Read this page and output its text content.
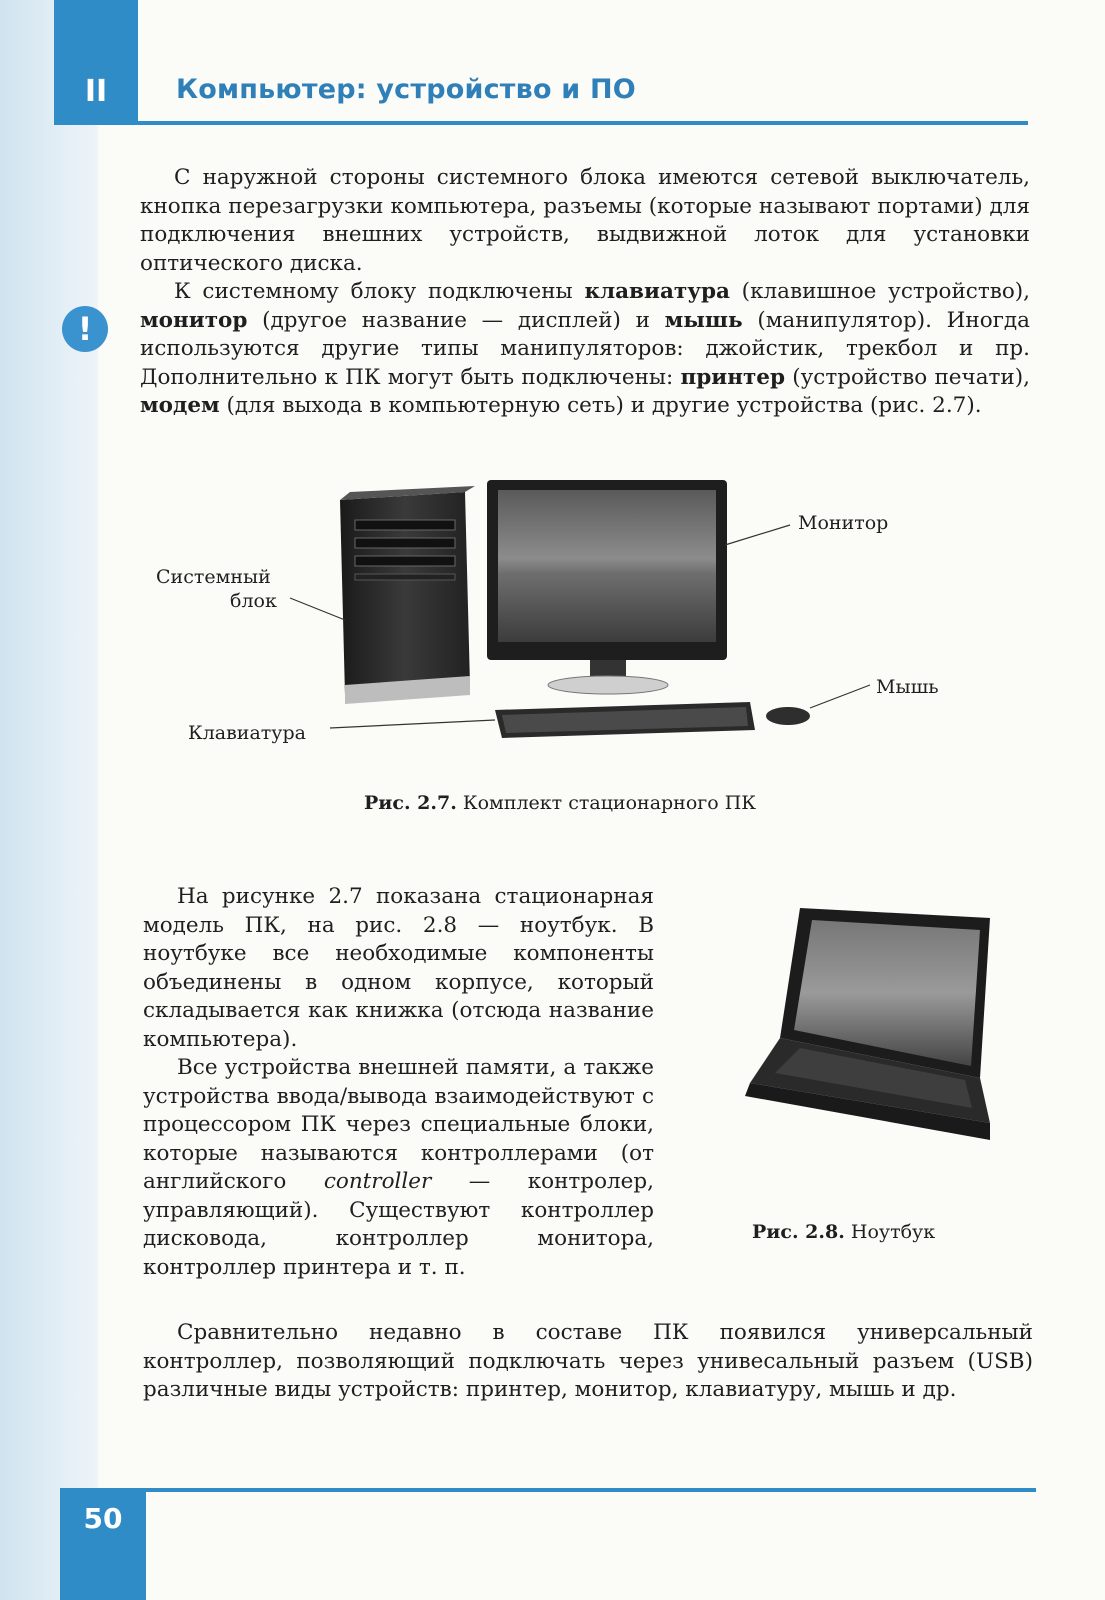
II	Компьютер: устройство и ПО
!

С наружной стороны системного блока имеются сетевой выключатель, кнопка перезагрузки компьютера, разъемы (которые называют портами) для подключения внешних устройств, выдвижной лоток для установки оптического диска.

К системному блоку подключены клавиатура (клавишное устройство), монитор (другое название — дисплей) и мышь (манипулятор). Иногда используются другие типы манипуляторов: джойстик, трекбол и пр. Дополнительно к ПК могут быть подключены: принтер (устройство печати), модем (для выхода в компьютерную сеть) и другие устройства (рис. 2.7).

Монитор
Системный
блок
Мышь
Клавиатура
Рис. 2.7. Комплект стационарного ПК

На рисунке 2.7 показана стационарная модель ПК, на рис. 2.8 — ноутбук. В ноутбуке все необходимые компоненты объединены в одном корпусе, который складывается как книжка (отсюда название компьютера).

Все устройства внешней памяти, а также устройства ввода/вывода взаимодействуют с процессором ПК через специальные блоки, которые называются контроллерами (от английского controller — контролер, управляющий). Существуют контроллер дисковода, контроллер монитора, контроллер принтера и т. п.

Рис. 2.8. Ноутбук

Сравнительно недавно в составе ПК появился универсальный контроллер, позволяющий подключать через унивесальный разъем (USB) различные виды устройств: принтер, монитор, клавиатуру, мышь и др.

50
